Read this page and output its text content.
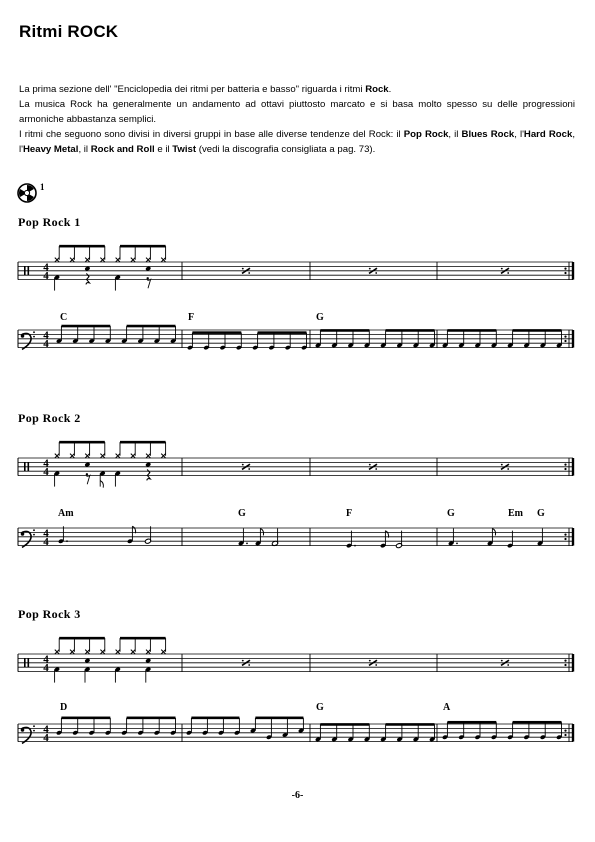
Ritmi ROCK

La prima sezione dell' "Enciclopedia dei ritmi per batteria e basso" riguarda i ritmi Rock.

La musica Rock ha generalmente un andamento ad ottavi piuttosto marcato e si basa molto spesso su delle progressioni armoniche abbastanza semplici.

I ritmi che seguono sono divisi in diversi gruppi in base alle diverse tendenze del Rock: il Pop Rock, il Blues Rock, l'Hard Rock, l'Heavy Metal, il Rock and Roll e il Twist (vedi la discografia consigliata a pag. 73).

1
Pop Rock 1
Pop Rock 2
Pop Rock 3
4
4
4
4
C	F	G
4
4
4
4
Am	G	F	G	Em G
4
4
4
4
D	G	A
-6-
